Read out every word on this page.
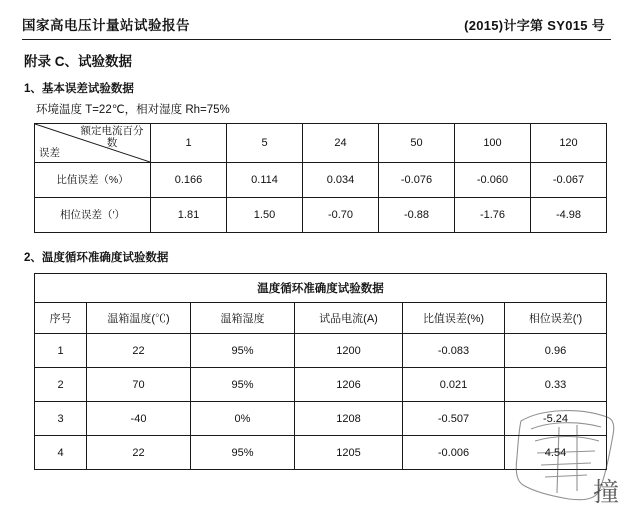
国家高电压计量站试验报告	(2015)计字第 SY015 号
附录 C、试验数据
1、基本误差试验数据
环境温度 T=22℃，相对湿度 Rh=75%
额定电流百分数
误差	1	5	24	50	100	120
比值误差（%）	0.166	0.114	0.034	-0.076	-0.060	-0.067
相位误差（′）	1.81	1.50	-0.70	-0.88	-1.76	-4.98
2、温度循环准确度试验数据
温度循环准确度试验数据					
序号	温箱温度(℃)	温箱湿度	试品电流(A)	比值误差(%)	相位误差(′)
1	22	95%	1200	-0.083	0.96
2	70	95%	1206	0.021	0.33
3	-40	0%	1208	-0.507	-5.24
4	22	95%	1205	-0.006	4.54
撞
